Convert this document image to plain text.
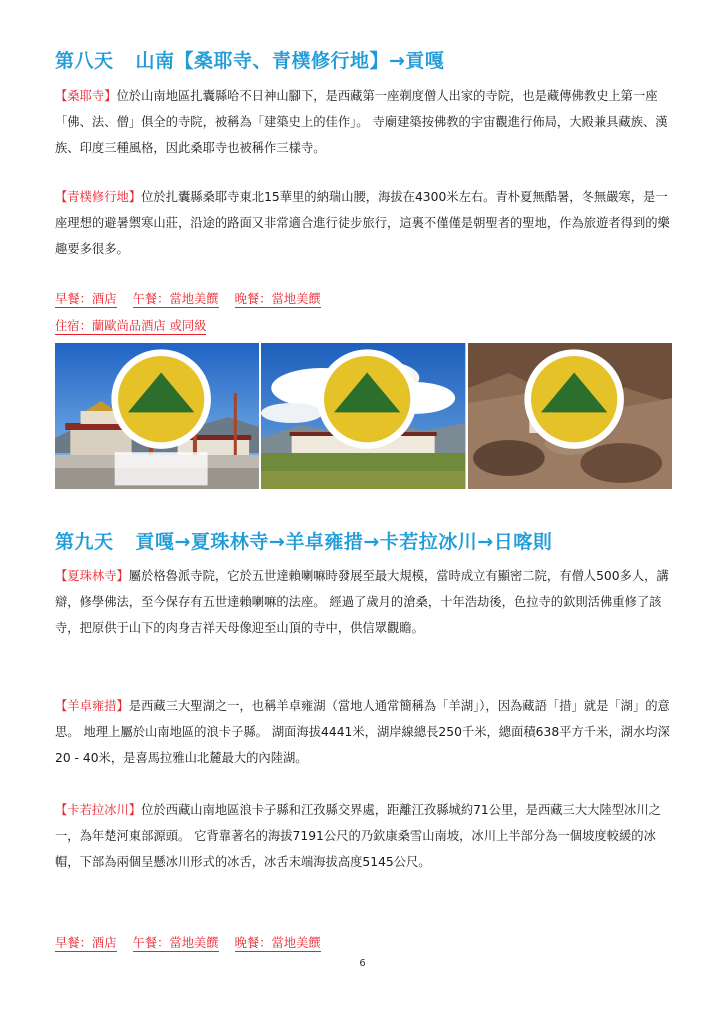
第八天 山南【桑耶寺、青樸修行地】→貢嘎

【桑耶寺】位於山南地區扎囊縣哈不日神山腳下，是西藏第一座剃度僧人出家的寺院，也是藏傳佛教史上第一座「佛、法、僧」俱全的寺院，被稱為「建築史上的佳作」。 寺廟建築按佛教的宇宙觀進行佈局，大殿兼具藏族、漢族、印度三種風格，因此桑耶寺也被稱作三樣寺。

【青樸修行地】位於扎囊縣桑耶寺東北15華里的納瑞山腰，海拔在4300米左右。青朴夏無酷暑，冬無嚴寒，是一座理想的避暑禦寒山莊，沿途的路面又非常適合進行徒步旅行，這裏不僅僅是朝聖者的聖地，作為旅遊者得到的樂趣要多很多。

早餐：酒店 午餐：當地美饌 晚餐：當地美饌

住宿：蘭歐尚品酒店 或同級

第九天 貢嘎→夏珠林寺→羊卓雍措→卡若拉冰川→日喀則

【夏珠林寺】屬於格魯派寺院，它於五世達賴喇嘛時發展至最大規模，當時成立有顯密二院，有僧人500多人，講辯，修學佛法，至今保存有五世達賴喇嘛的法座。 經過了歲月的滄桑，十年浩劫後，色拉寺的欽則活佛重修了該寺，把原供于山下的肉身吉祥天母像迎至山頂的寺中，供信眾觀瞻。

【羊卓雍措】是西藏三大聖湖之一，也稱羊卓雍湖（當地人通常簡稱為「羊湖」），因為藏語「措」就是「湖」的意思。 地理上屬於山南地區的浪卡子縣。 湖面海拔4441米，湖岸線總長250千米，總面積638平方千米，湖水均深20 - 40米，是喜馬拉雅山北麓最大的內陸湖。

【卡若拉冰川】位於西藏山南地區浪卡子縣和江孜縣交界處，距離江孜縣城約71公里，是西藏三大大陸型冰川之一，為年楚河東部源頭。 它背靠著名的海拔7191公尺的乃欽康桑雪山南坡，冰川上半部分為一個坡度較緩的冰帽，下部為兩個呈懸冰川形式的冰舌，冰舌末端海拔高度5145公尺。

早餐：酒店 午餐：當地美饌 晚餐：當地美饌

6
